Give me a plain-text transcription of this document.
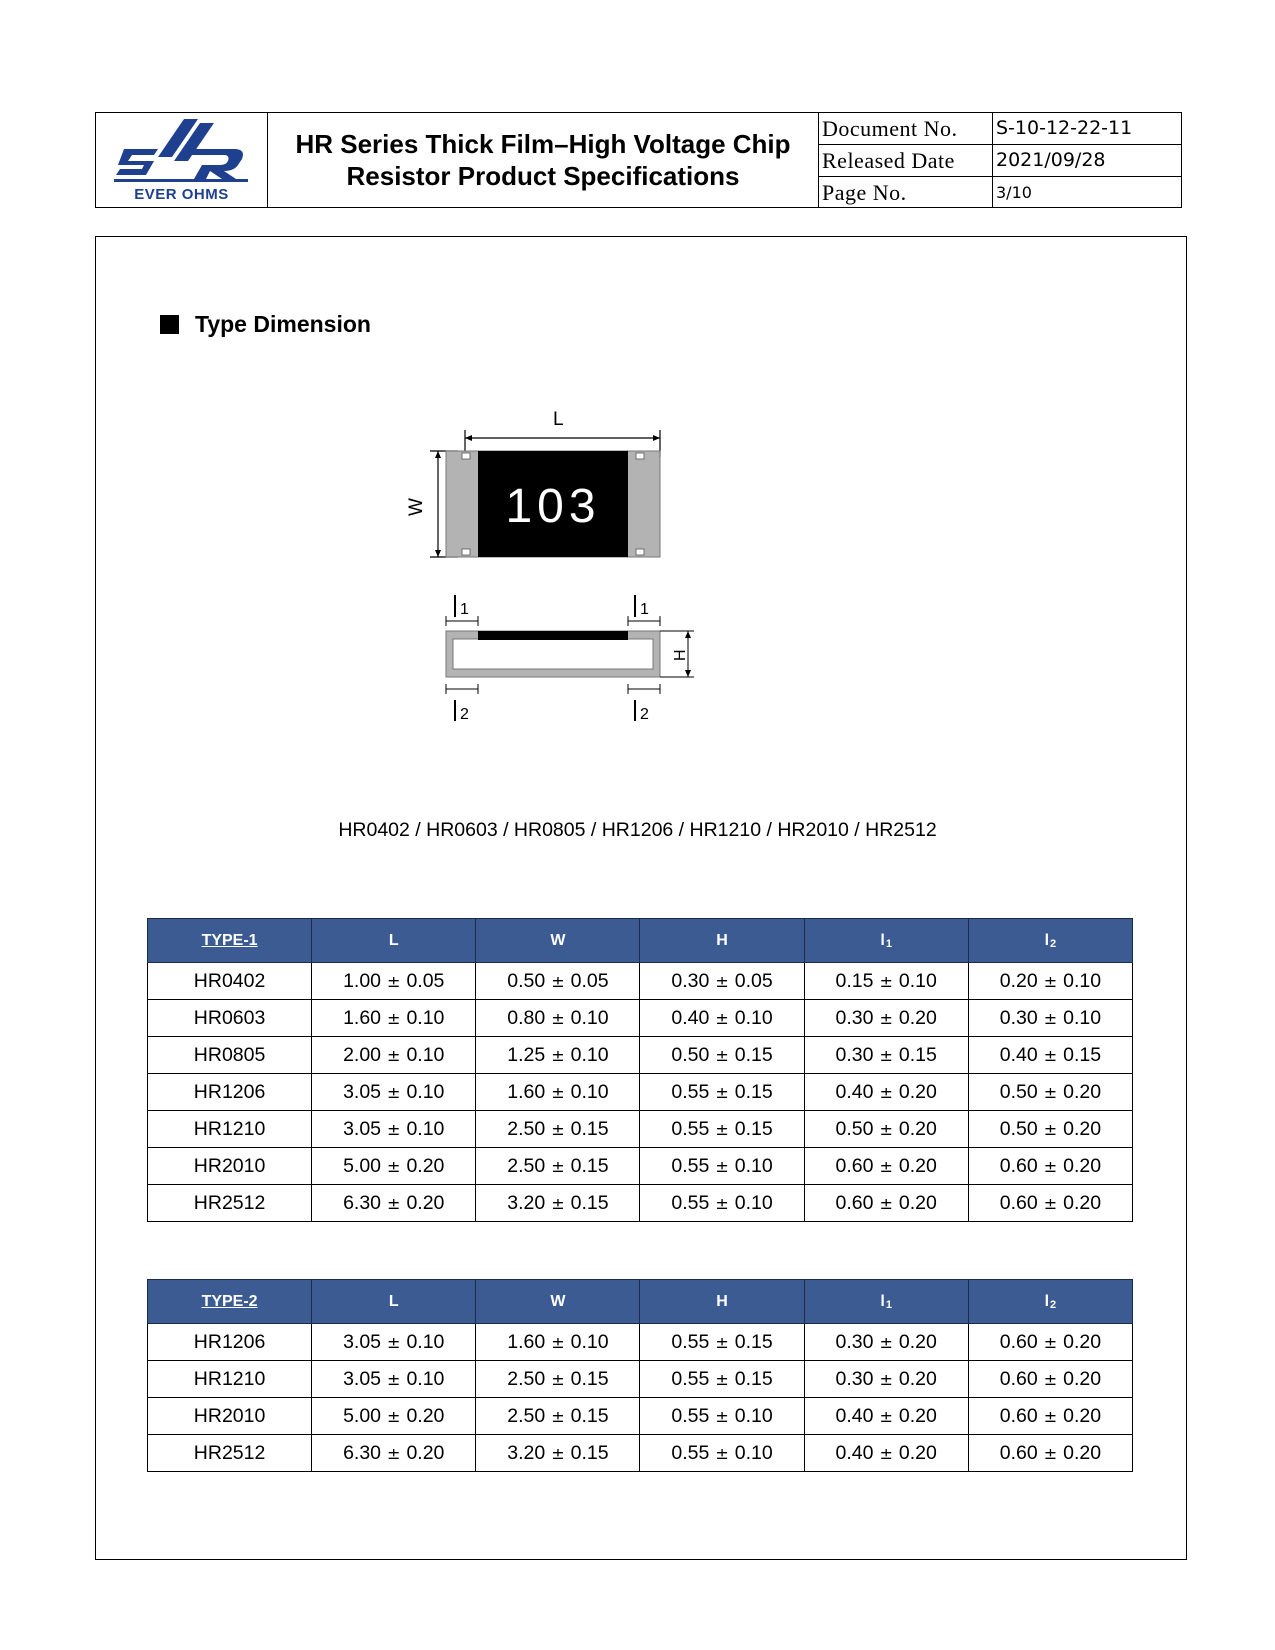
EVER OHMS
HR Series Thick Film–High Voltage Chip
Resistor Product Specifications
Document No.	S-10-12-22-11
Released Date	2021/09/28
Page No.	3/10
Type Dimension
L
W 103
1	1
H
2	2
HR0402 / HR0603 / HR0805 / HR1206 / HR1210 / HR2010 / HR2512
TYPE-1	L	W	H	l1	l2
HR0402	1.00 ± 0.05	0.50 ± 0.05	0.30 ± 0.05	0.15 ± 0.10	0.20 ± 0.10
HR0603	1.60 ± 0.10	0.80 ± 0.10	0.40 ± 0.10	0.30 ± 0.20	0.30 ± 0.10
HR0805	2.00 ± 0.10	1.25 ± 0.10	0.50 ± 0.15	0.30 ± 0.15	0.40 ± 0.15
HR1206	3.05 ± 0.10	1.60 ± 0.10	0.55 ± 0.15	0.40 ± 0.20	0.50 ± 0.20
HR1210	3.05 ± 0.10	2.50 ± 0.15	0.55 ± 0.15	0.50 ± 0.20	0.50 ± 0.20
HR2010	5.00 ± 0.20	2.50 ± 0.15	0.55 ± 0.10	0.60 ± 0.20	0.60 ± 0.20
HR2512	6.30 ± 0.20	3.20 ± 0.15	0.55 ± 0.10	0.60 ± 0.20	0.60 ± 0.20
TYPE-2	L	W	H	l1	l2
HR1206	3.05 ± 0.10	1.60 ± 0.10	0.55 ± 0.15	0.30 ± 0.20	0.60 ± 0.20
HR1210	3.05 ± 0.10	2.50 ± 0.15	0.55 ± 0.15	0.30 ± 0.20	0.60 ± 0.20
HR2010	5.00 ± 0.20	2.50 ± 0.15	0.55 ± 0.10	0.40 ± 0.20	0.60 ± 0.20
HR2512	6.30 ± 0.20	3.20 ± 0.15	0.55 ± 0.10	0.40 ± 0.20	0.60 ± 0.20
